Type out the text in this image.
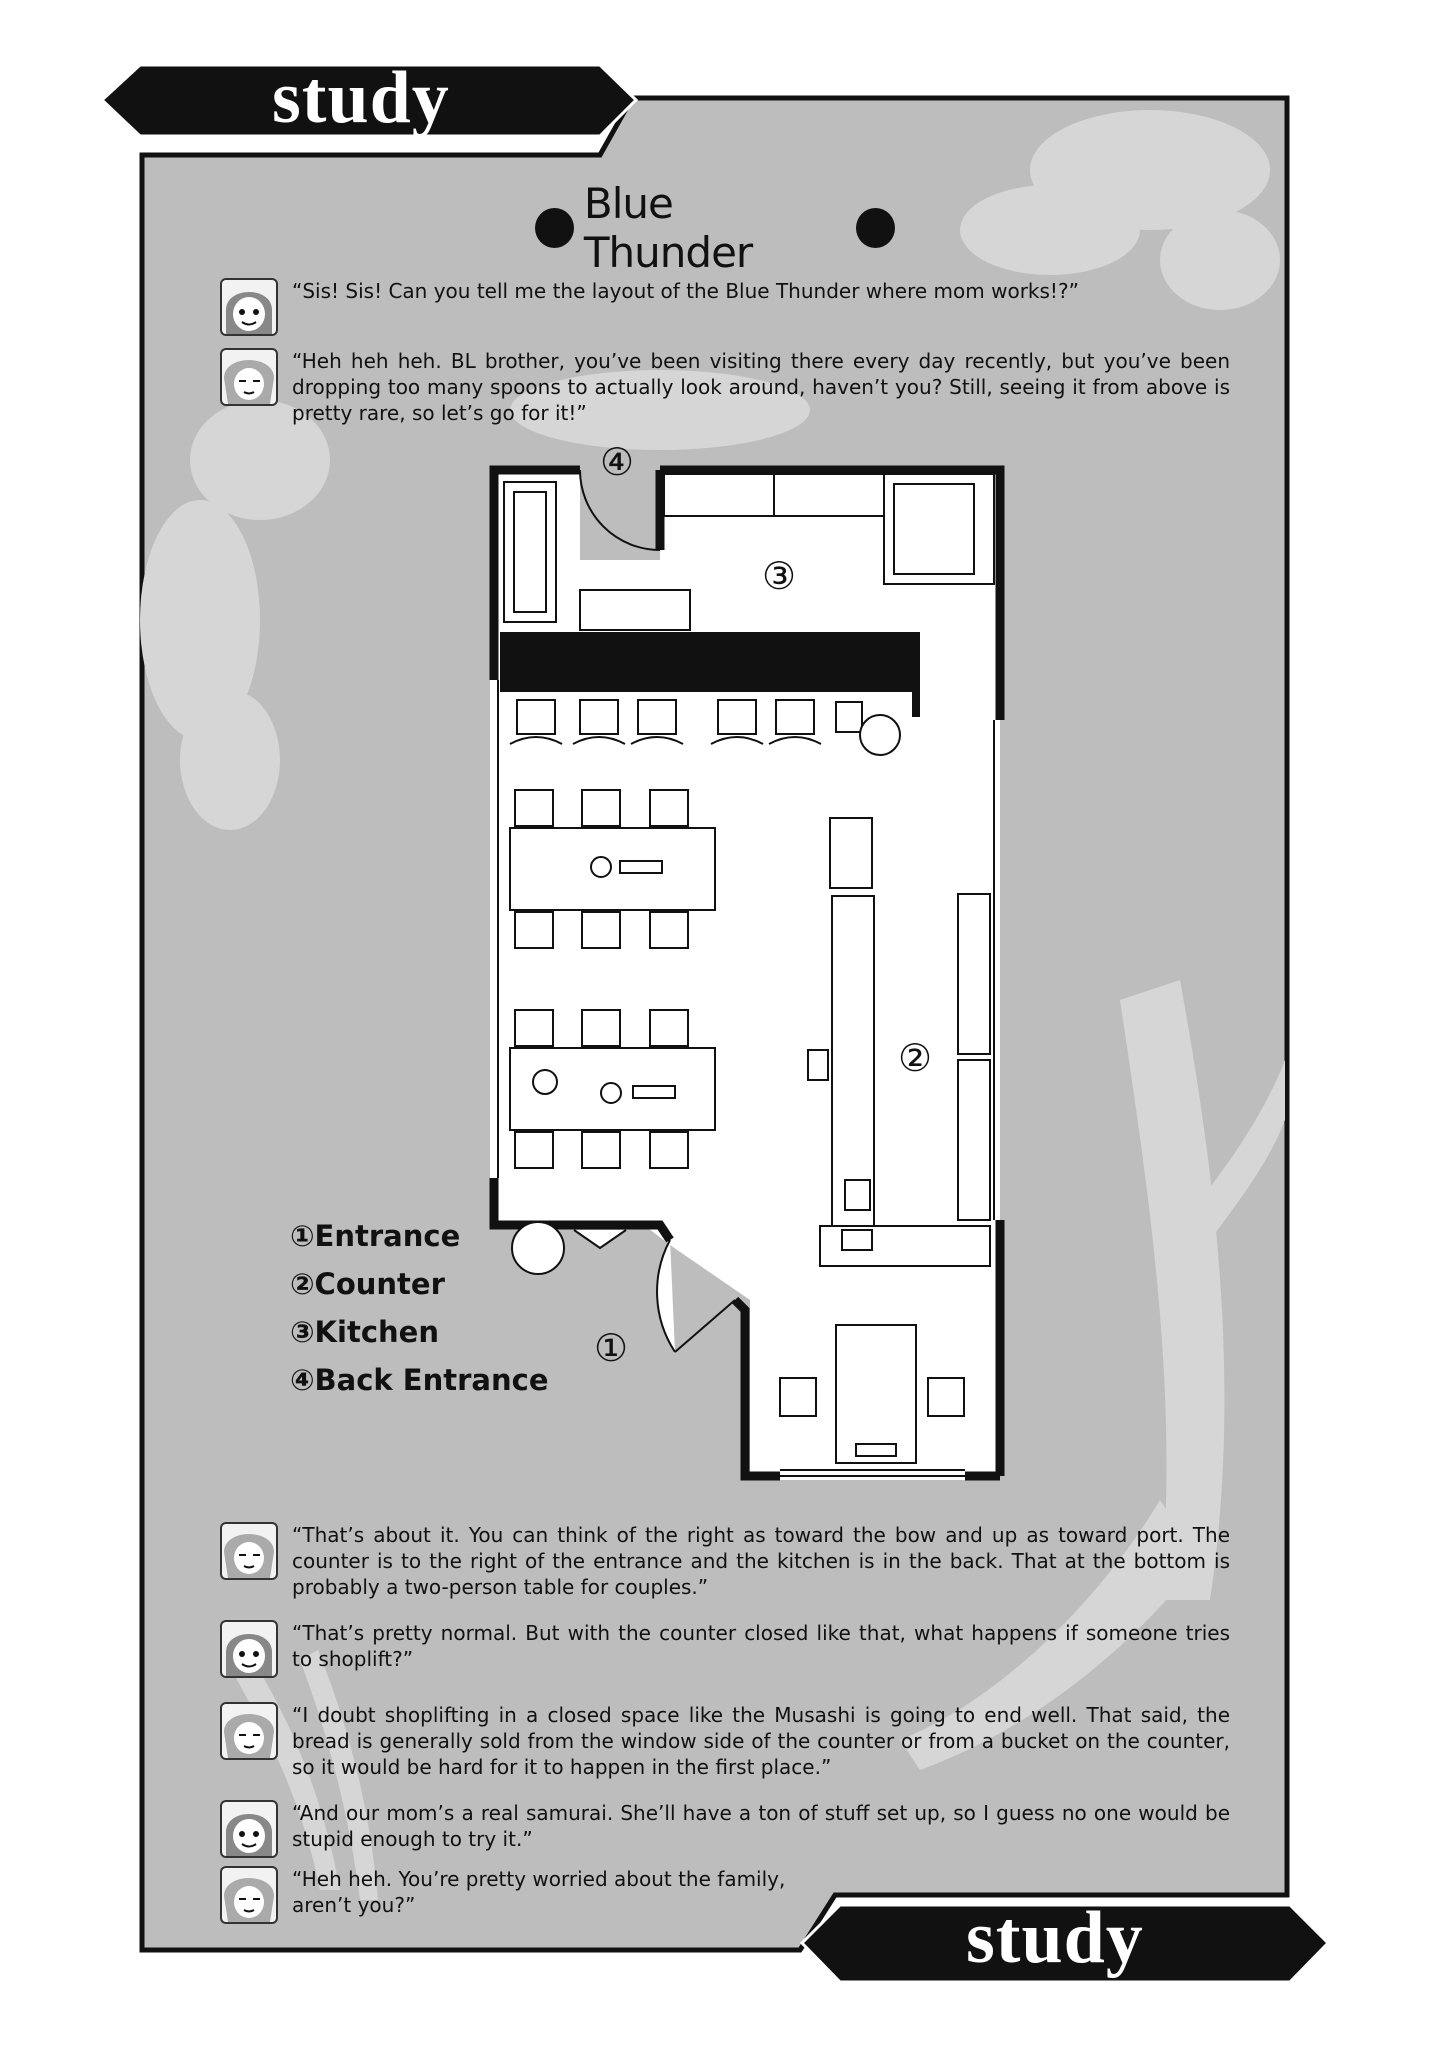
study
study
Blue Thunder
“Sis! Sis! Can you tell me the layout of the Blue Thunder where mom works!?”
“Heh heh heh. BL brother, you’ve been visiting there every day recently, but you’ve been dropping too many spoons to actually look around, haven’t you? Still, seeing it from above is pretty rare, so let’s go for it!”
④
③
②
①
①Entrance
②Counter
③Kitchen
④Back Entrance
“That’s about it. You can think of the right as toward the bow and up as toward port. The counter is to the right of the entrance and the kitchen is in the back. That at the bottom is probably a two-person table for couples.”
“That’s pretty normal. But with the counter closed like that, what happens if someone tries to shoplift?”
“I doubt shoplifting in a closed space like the Musashi is going to end well. That said, the bread is generally sold from the window side of the counter or from a bucket on the counter, so it would be hard for it to happen in the first place.”
“And our mom’s a real samurai. She’ll have a ton of stuff set up, so I guess no one would be stupid enough to try it.”
“Heh heh. You’re pretty worried about the family, aren’t you?”
